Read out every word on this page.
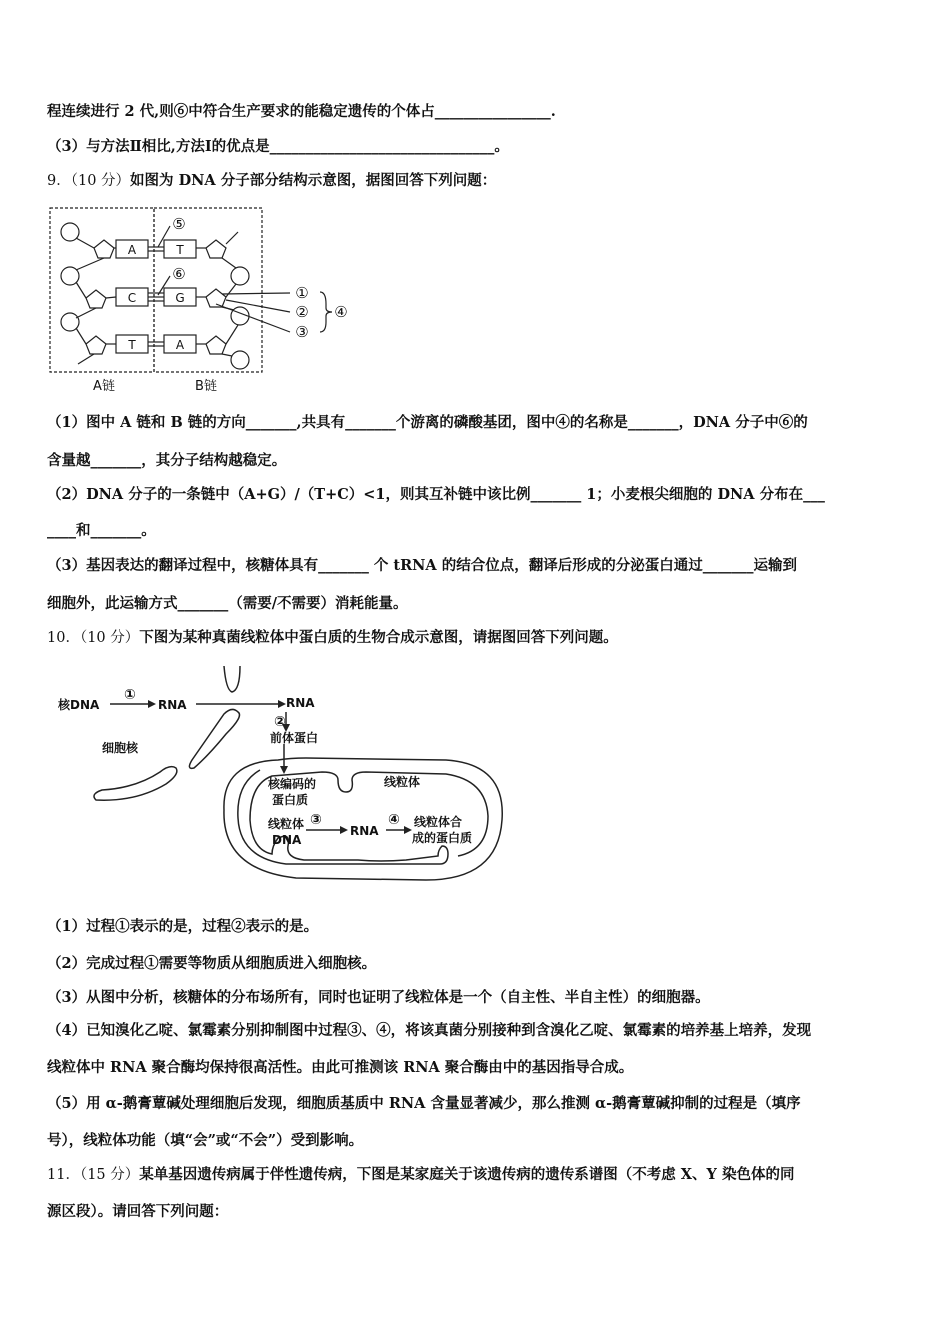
程连续进行 2 代,则⑥中符合生产要求的能稳定遗传的个体占________________.
（3）与方法Ⅱ相比,方法Ⅰ的优点是_______________________________。
9．（10 分）如图为 DNA 分子部分结构示意图，据图回答下列问题：
A	T
C	G
T	A
⑤
⑥
①
②
③
④
A链	B链
（1）图中 A 链和 B 链的方向_______,共具有_______个游离的磷酸基团，图中④的名称是_______，DNA 分子中⑥的
含量越_______，其分子结构越稳定。
（2）DNA 分子的一条链中（A+G）/（T+C）<1，则其互补链中该比例_______ 1；小麦根尖细胞的 DNA 分布在___
____和_______。
（3）基因表达的翻译过程中，核糖体具有_______ 个 tRNA 的结合位点，翻译后形成的分泌蛋白通过_______运输到
细胞外，此运输方式_______（需要/不需要）消耗能量。
10．（10 分）下图为某种真菌线粒体中蛋白质的生物合成示意图，请据图回答下列问题。
核DNA
①
RNA	RNA
②
前体蛋白
细胞核
核编码的
蛋白质
线粒体
线粒体
DNA
③
RNA
④ 线粒体合
成的蛋白质
（1）过程①表示的是，过程②表示的是。
（2）完成过程①需要等物质从细胞质进入细胞核。
（3）从图中分析，核糖体的分布场所有，同时也证明了线粒体是一个（自主性、半自主性）的细胞器。
（4）已知溴化乙啶、氯霉素分别抑制图中过程③、④，将该真菌分别接种到含溴化乙啶、氯霉素的培养基上培养，发现
线粒体中 RNA 聚合酶均保持很高活性。由此可推测该 RNA 聚合酶由中的基因指导合成。
（5）用 α-鹅膏蕈碱处理细胞后发现，细胞质基质中 RNA 含量显著减少，那么推测 α-鹅膏蕈碱抑制的过程是（填序
号），线粒体功能（填“会”或“不会”）受到影响。
11．（15 分）某单基因遗传病属于伴性遗传病，下图是某家庭关于该遗传病的遗传系谱图（不考虑 X、Y 染色体的同
源区段）。请回答下列问题：
